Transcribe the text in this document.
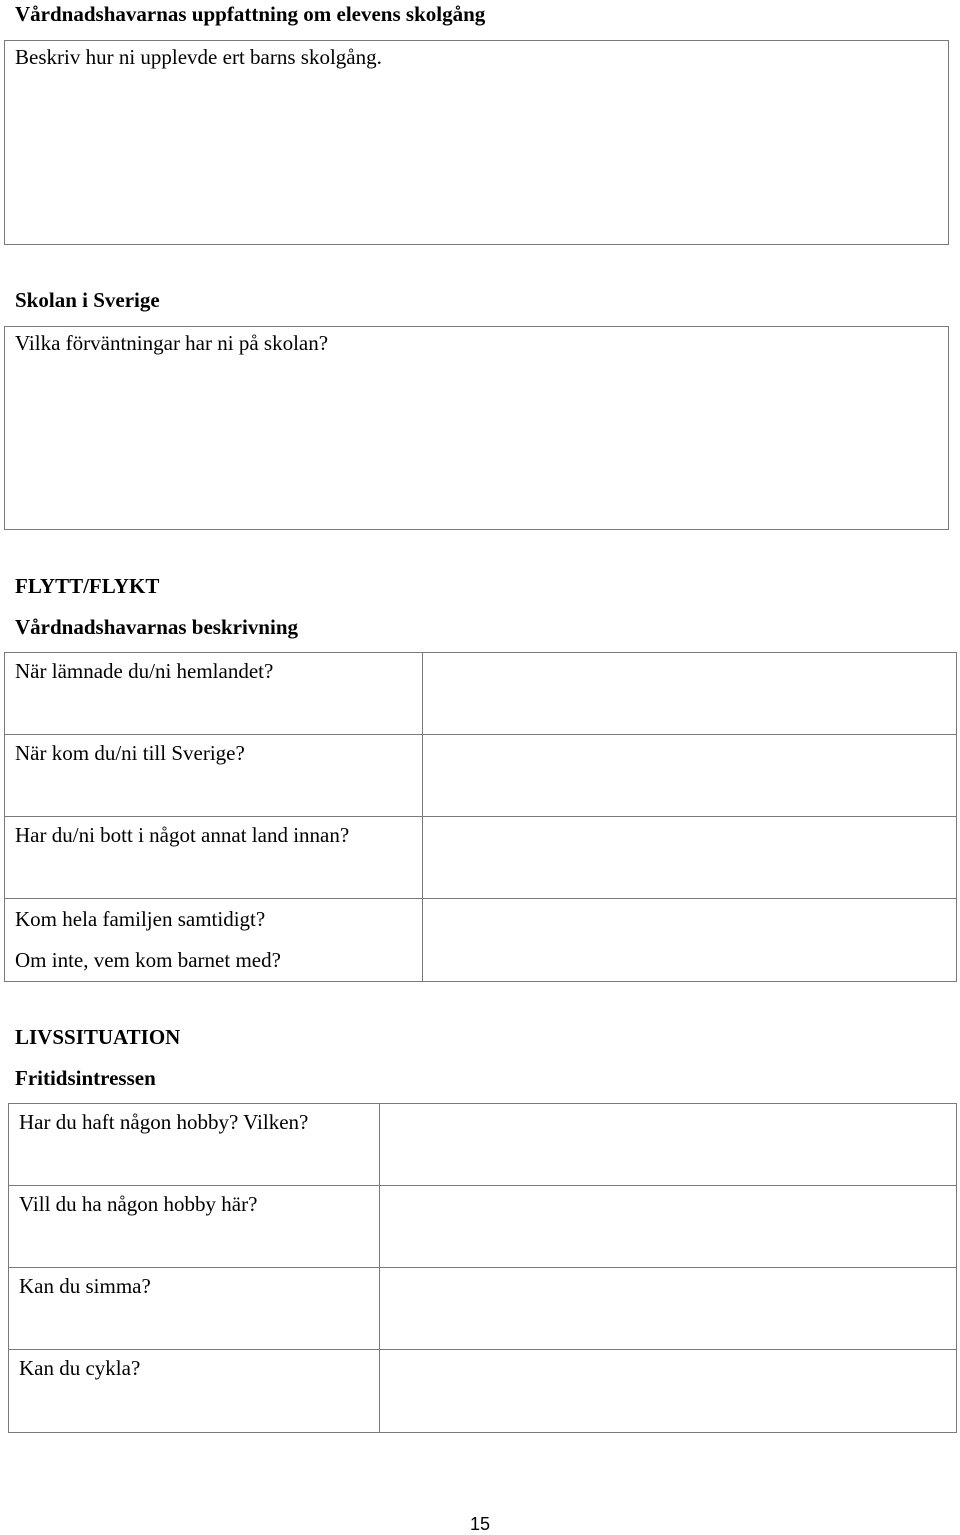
Vårdnadshavarnas uppfattning om elevens skolgång
Beskriv hur ni upplevde ert barns skolgång.
Skolan i Sverige
Vilka förväntningar har ni på skolan?
FLYTT/FLYKT
Vårdnadshavarnas beskrivning
När lämnade du/ni hemlandet?	

När kom du/ni till Sverige?	

Har du/ni bott i något annat land innan?	

Kom hela familjen samtidigt?
Om inte, vem kom barnet med?	

LIVSSITUATION
Fritidsintressen
Har du haft någon hobby? Vilken?	

Vill du ha någon hobby här?	

Kan du simma?	

Kan du cykla?	

15
